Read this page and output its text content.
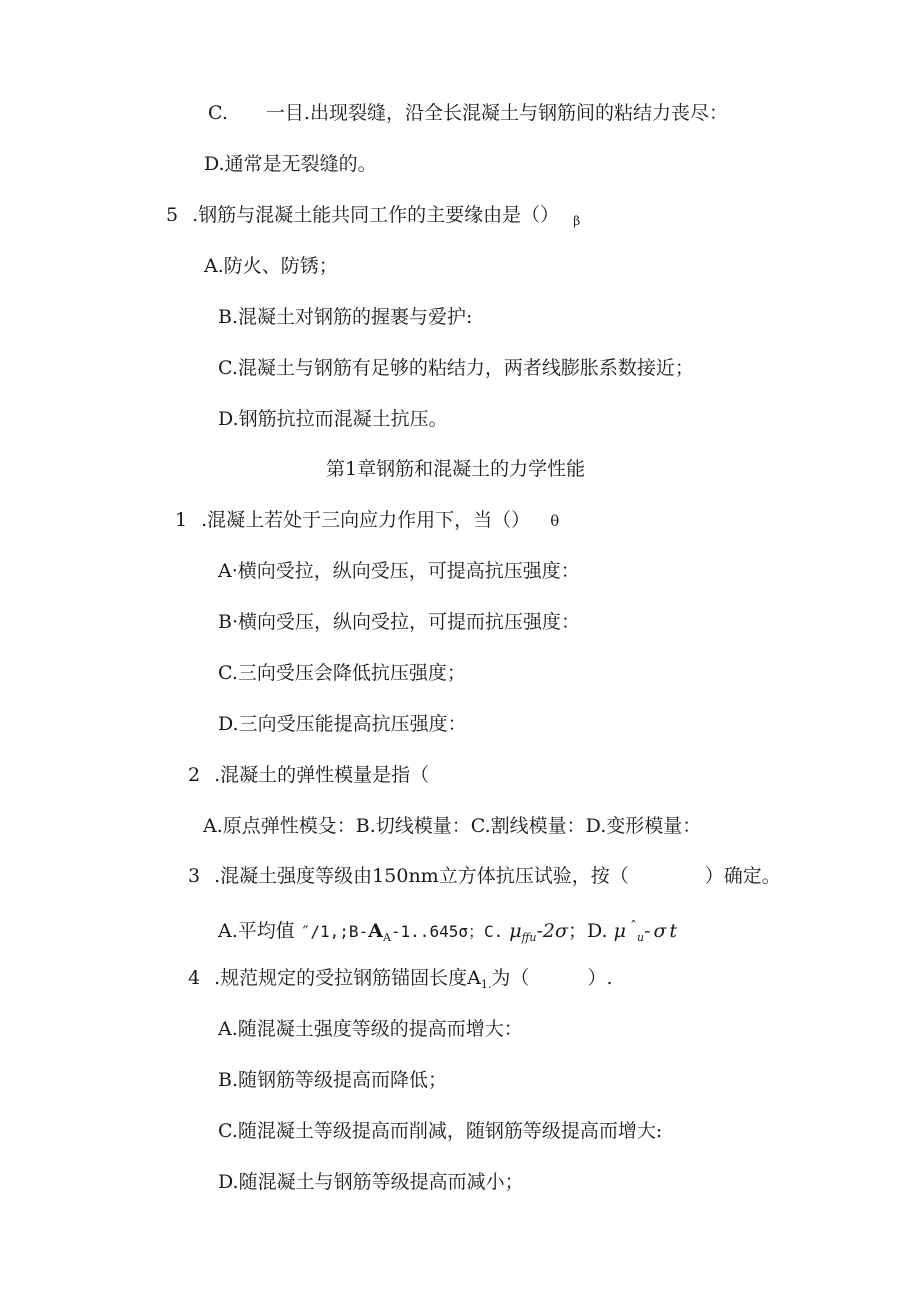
C.　　一目.出现裂缝，沿全长混凝土与钢筋间的粘结力丧尽：
D.通常是无裂缝的。
5 .钢筋与混凝土能共同工作的主要缘由是（） $_\beta$
A.防火、防锈；
B.混凝土对钢筋的握裹与爱护:
C.混凝土与钢筋有足够的粘结力，两者线膨胀系数接近；
D.钢筋抗拉而混凝土抗压。
第1章钢筋和混凝土的力学性能
1 .混凝上若处于三向应力作用下，当（） θ
A·横向受拉，纵向受压，可提高抗压强度：
B·横向受压，纵向受拉，可提而抗压强度：
C.三向受压会降低抗压强度；
D.三向受压能提高抗压强度：
2 .混凝土的弹性模量是指（
A.原点弹性模殳：B.切线模量：C.割线模量：D.变形模量：
3 .混凝土强度等级由150nm立方体抗压试验，按（	）确定。
A.平均值 $''/1,;B-A_A-1..645\sigma$；C. $\mu_{ffu}-2\sigma$；D. μ $^ˆ_u$-σt
4 .规范规定的受拉钢筋锚固长度$A_{1.}$为（	）.
A.随混凝土强度等级的提高而增大：
B.随钢筋等级提高而降低；
C.随混凝土等级提高而削减，随钢筋等级提高而增大:
D.随混凝土与钢筋等级提高而减小；
